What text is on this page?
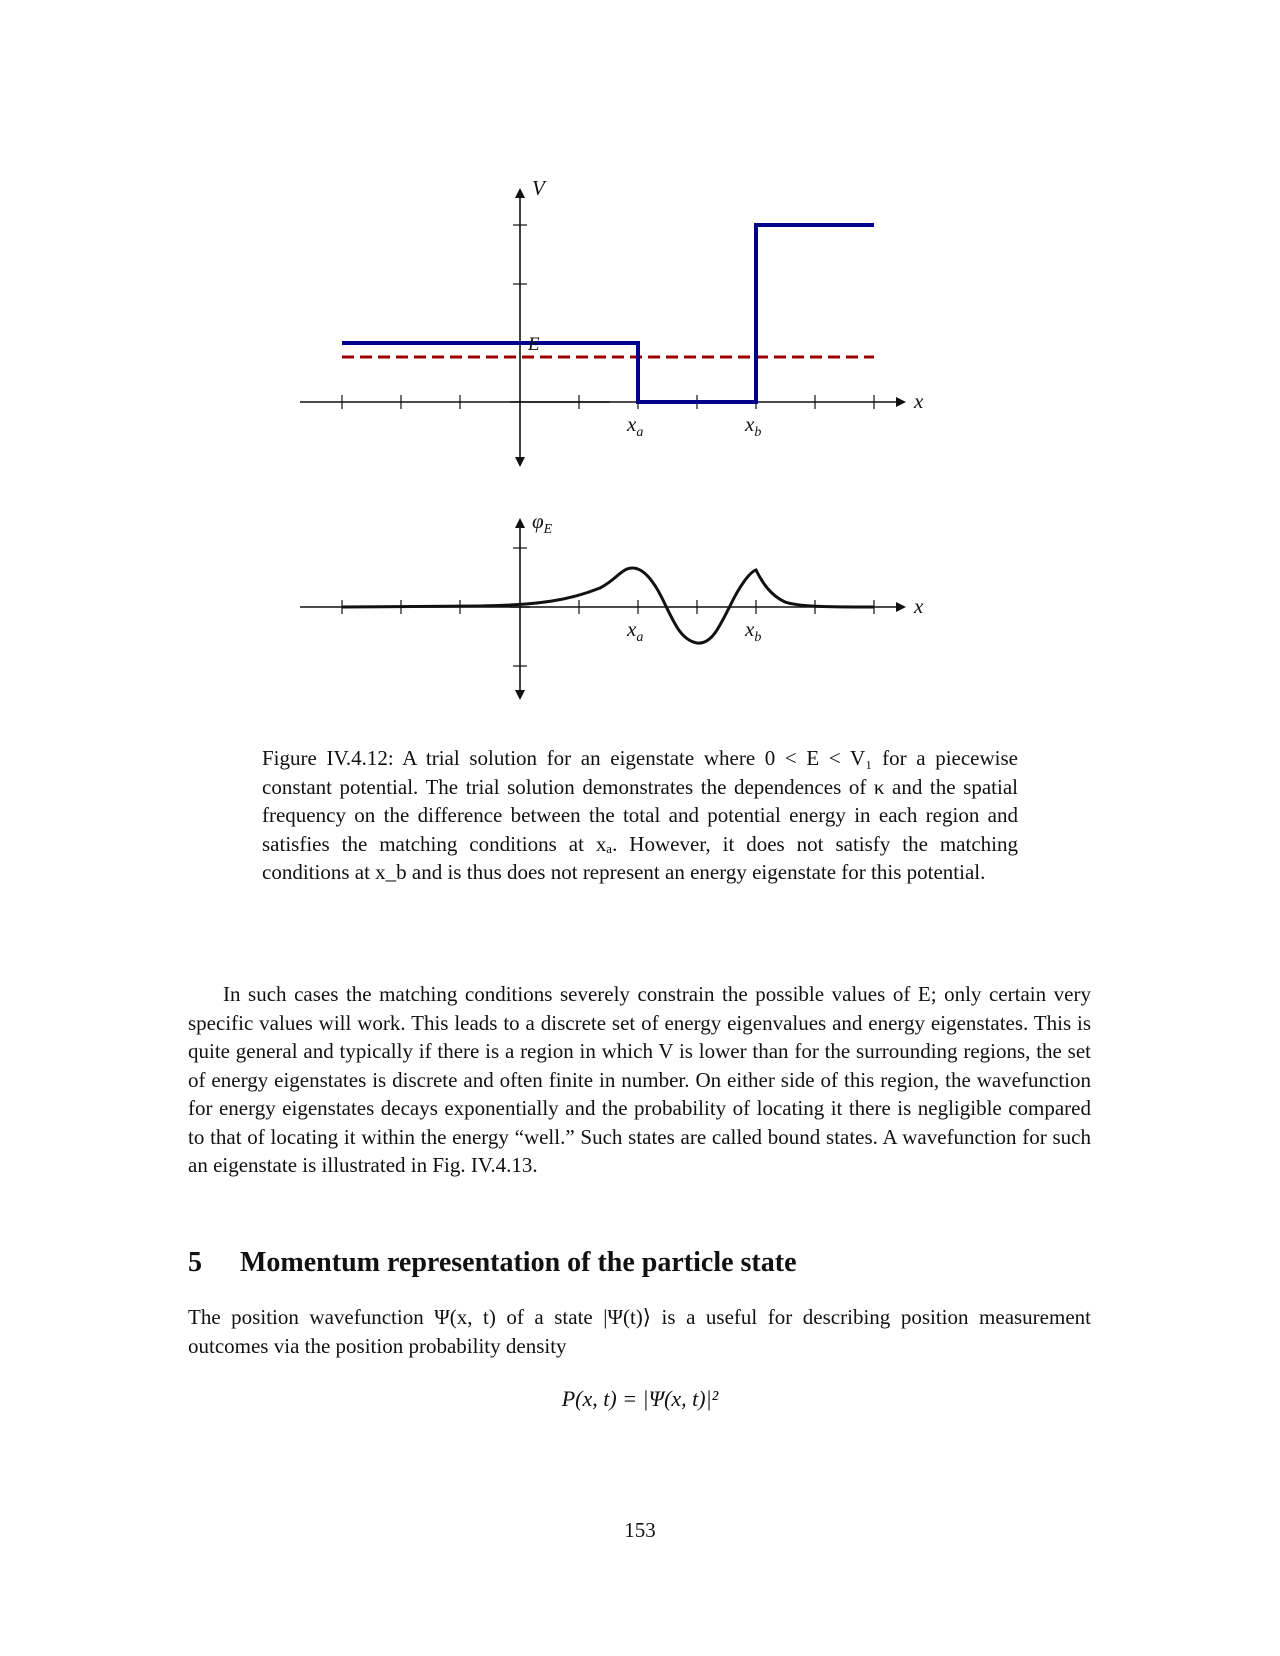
V
x
E
$x_a$	$x_b$
$\varphi_E$
x
$x_a$	$x_b$
Figure IV.4.12: A trial solution for an eigenstate where 0 < E < V₁ for a piecewise constant potential. The trial solution demonstrates the dependences of κ and the spatial frequency on the difference between the total and potential energy in each region and satisfies the matching conditions at xₐ. However, it does not satisfy the matching conditions at x_b and is thus does not represent an energy eigenstate for this potential.
In such cases the matching conditions severely constrain the possible values of E; only certain very specific values will work. This leads to a discrete set of energy eigenvalues and energy eigenstates. This is quite general and typically if there is a region in which V is lower than for the surrounding regions, the set of energy eigenstates is discrete and often finite in number. On either side of this region, the wavefunction for energy eigenstates decays exponentially and the probability of locating it there is negligible compared to that of locating it within the energy “well.” Such states are called bound states. A wavefunction for such an eigenstate is illustrated in Fig. IV.4.13.
5 Momentum representation of the particle state
The position wavefunction Ψ(x, t) of a state |Ψ(t)⟩ is a useful for describing position measurement outcomes via the position probability density
P(x, t) = |Ψ(x, t)|²
153
